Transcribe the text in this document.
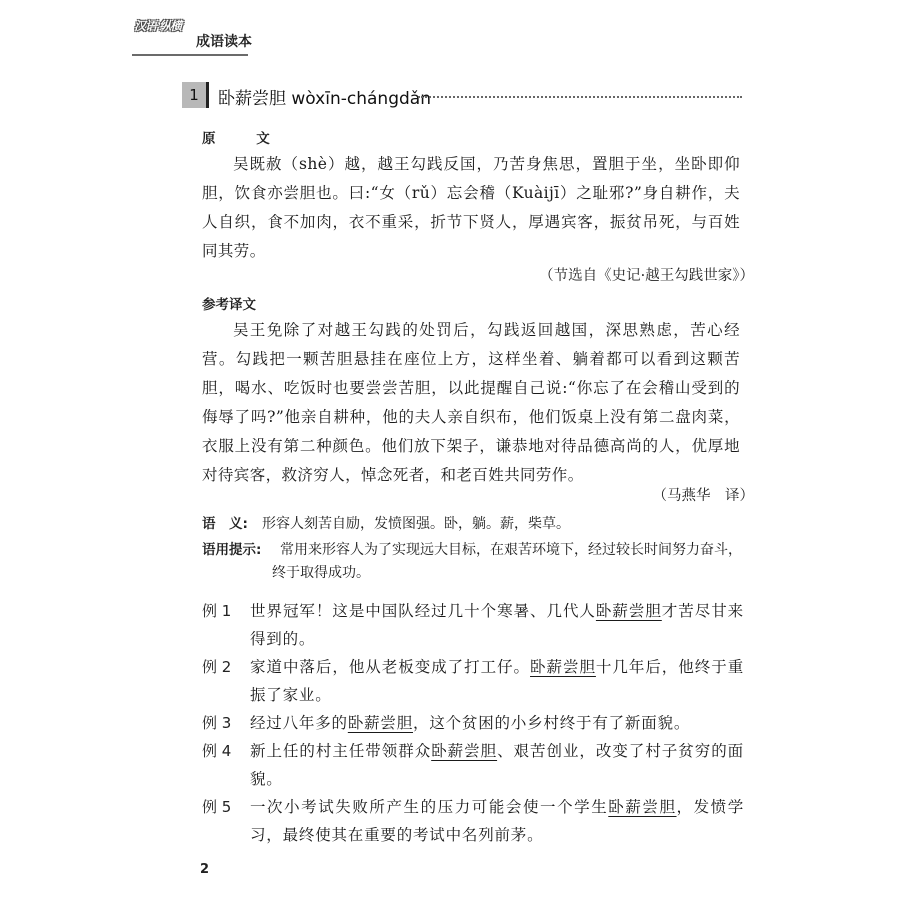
汉语 纵横
成语读本
1	卧薪尝胆 wòxīn-chángdǎn
原 文

吴既赦（shè）越，越王勾践反国，乃苦身焦思，置胆于坐，坐卧即仰胆，饮食亦尝胆也。曰:“女（rǔ）忘会稽（Kuàijī）之耻邪?”身自耕作，夫人自织，食不加肉，衣不重采，折节下贤人，厚遇宾客，振贫吊死，与百姓同其劳。

（节选自《史记·越王勾践世家》）
参考译文

吴王免除了对越王勾践的处罚后，勾践返回越国，深思熟虑，苦心经营。勾践把一颗苦胆悬挂在座位上方，这样坐着、躺着都可以看到这颗苦胆，喝水、吃饭时也要尝尝苦胆，以此提醒自己说:“你忘了在会稽山受到的侮辱了吗?”他亲自耕种，他的夫人亲自织布，他们饭桌上没有第二盘肉菜，衣服上没有第二种颜色。他们放下架子，谦恭地对待品德高尚的人，优厚地对待宾客，救济穷人，悼念死者，和老百姓共同劳作。

（马燕华　译）
语　义: 形容人刻苦自励，发愤图强。卧，躺。薪，柴草。
语用提示: 常用来形容人为了实现远大目标，在艰苦环境下，经过较长时间努力奋斗，

终于取得成功。

例 1	世界冠军！这是中国队经过几十个寒暑、几代人卧薪尝胆才苦尽甘来得到的。

例 2	家道中落后，他从老板变成了打工仔。卧薪尝胆十几年后，他终于重振了家业。

例 3	经过八年多的卧薪尝胆，这个贫困的小乡村终于有了新面貌。

例 4	新上任的村主任带领群众卧薪尝胆、艰苦创业，改变了村子贫穷的面貌。

例 5	一次小考试失败所产生的压力可能会使一个学生卧薪尝胆，发愤学习，最终使其在重要的考试中名列前茅。

2
